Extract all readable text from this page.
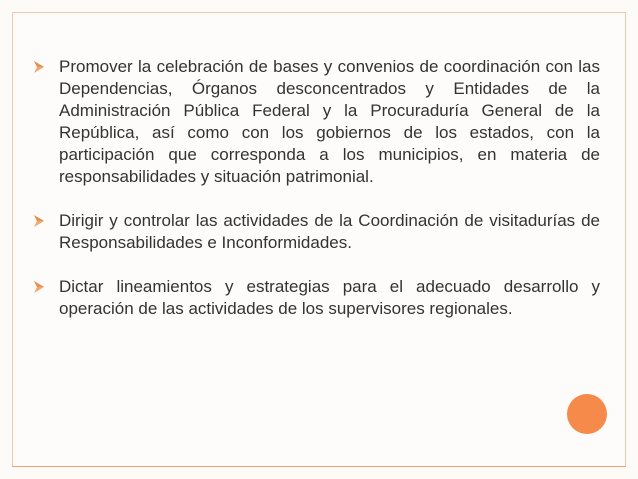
Promover la celebración de bases y convenios de coordinación con las Dependencias, Órganos desconcentrados y Entidades de la Administración Pública Federal y la Procuraduría General de la República, así como con los gobiernos de los estados, con la participación que corresponda a los municipios, en materia de responsabilidades y situación patrimonial.
Dirigir y controlar las actividades de la Coordinación de visitadurías de Responsabilidades e Inconformidades.
Dictar lineamientos y estrategias para el adecuado desarrollo y operación de las actividades de los supervisores regionales.
